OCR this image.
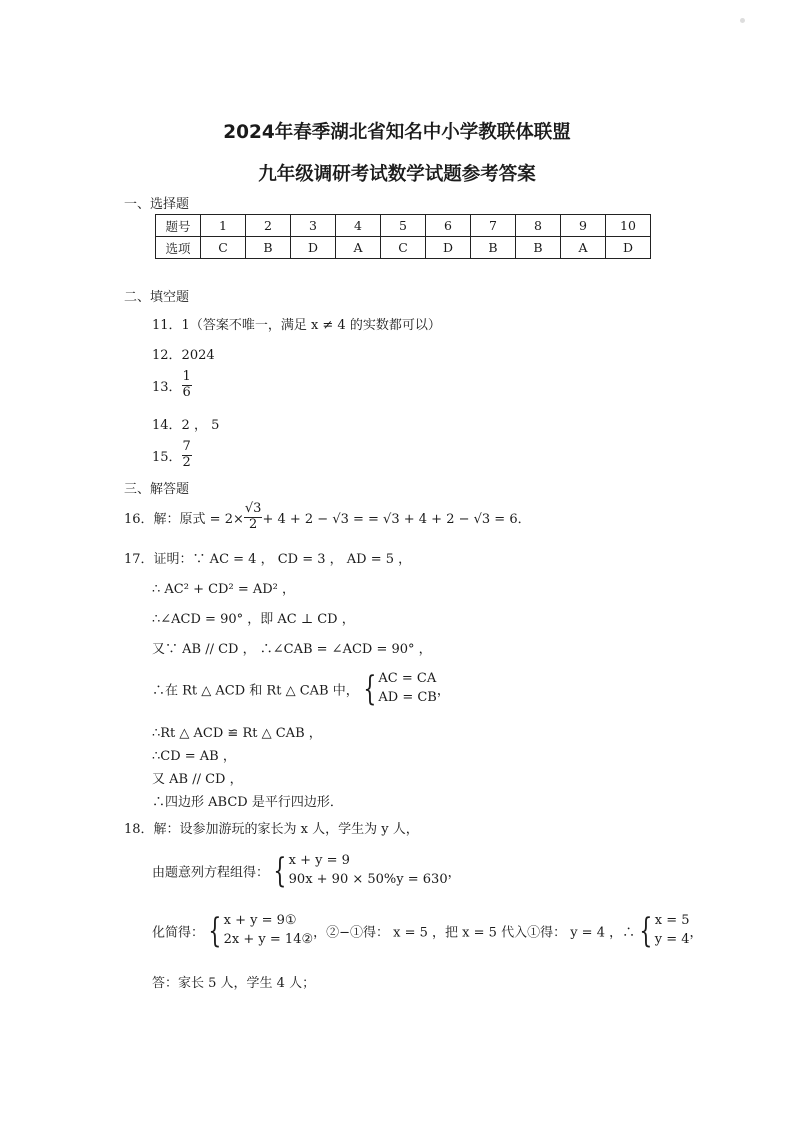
2024年春季湖北省知名中小学教联体联盟
九年级调研考试数学试题参考答案
一、选择题
题号	1	2	3	4	5	6	7	8	9	10
选项	C	B	D	A	C	D	B	B	A	D
二、填空题
11．1（答案不唯一，满足 x ≠ 4 的实数都可以）
12．2024
13． $\frac{1}{6}$
14．2 ， 5
15． $\frac{7}{2}$
三、解答题
16．解：原式 = $2\times \frac{√3}{2} + 4 + 2 - √3$ = = √3 + 4 + 2 − √3 = 6．
17．证明：∵ AC = 4 ， CD = 3 ， AD = 5 ，
∴ AC² + CD² = AD² ，
∴∠ACD = 90° ，即 AC ⊥ CD ，
又∵ AB // CD ， ∴∠CAB = ∠ACD = 90° ，
∴在 Rt △ ACD 和 Rt △ CAB 中， { AC = CA
AD = CB ，
∴Rt △ ACD ≌ Rt △ CAB ，
∴CD = AB ，
又 AB // CD ，
∴四边形 ABCD 是平行四边形．
18．解：设参加游玩的家长为 x 人，学生为 y 人，
由题意列方程组得： { x + y = 9
90x + 90 × 50%y = 630 ，
化简得： { x + y = 9①
2x + y = 14② ，②−①得： x = 5 ，把 x = 5 代入①得： y = 4 ，∴ { x = 5
y = 4 ，
答：家长 5 人，学生 4 人；
